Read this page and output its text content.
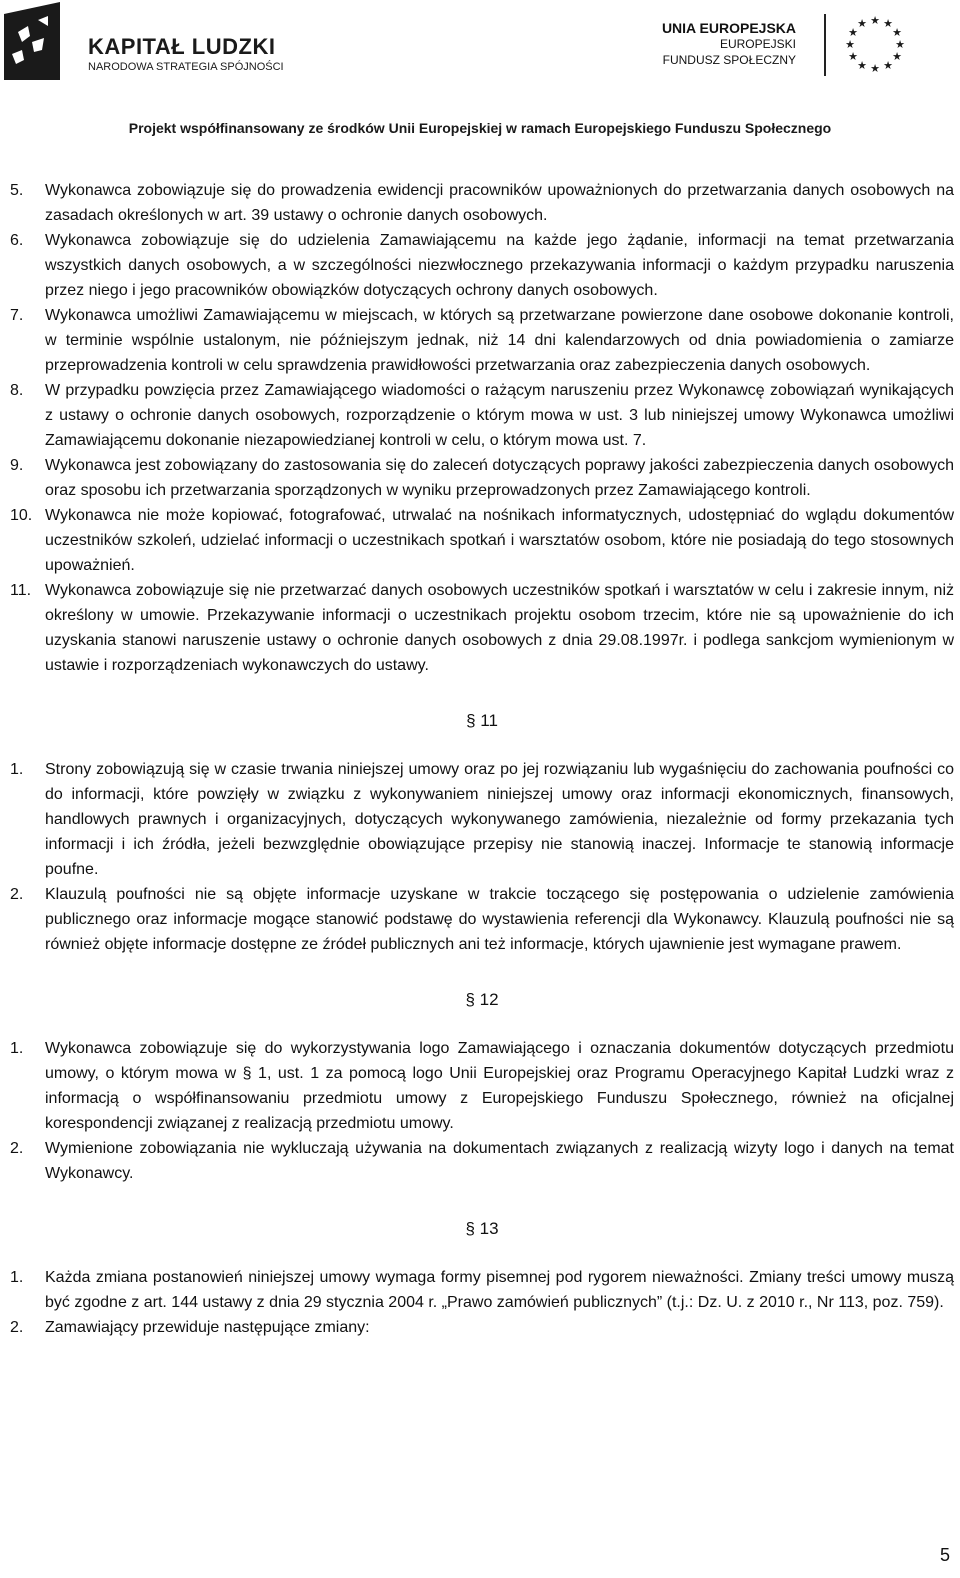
KAPITAŁ LUDZKI
NARODOWA STRATEGIA SPÓJNOŚCI
UNIA EUROPEJSKA
EUROPEJSKI
FUNDUSZ SPOŁECZNY
★ ★
★
★
★
★
★
★
★
★
★
★
Projekt współfinansowany ze środków Unii Europejskiej w ramach Europejskiego Funduszu Społecznego
5. Wykonawca zobowiązuje się do prowadzenia ewidencji pracowników upoważnionych do przetwarzania danych osobowych na zasadach określonych w art. 39 ustawy o ochronie danych osobowych.
6. Wykonawca zobowiązuje się do udzielenia Zamawiającemu na każde jego żądanie, informacji na temat przetwarzania wszystkich danych osobowych, a w szczególności niezwłocznego przekazywania informacji o każdym przypadku naruszenia przez niego i jego pracowników obowiązków dotyczących ochrony danych osobowych.
7. Wykonawca umożliwi Zamawiającemu w miejscach, w których są przetwarzane powierzone dane osobowe dokonanie kontroli, w terminie wspólnie ustalonym, nie późniejszym jednak, niż 14 dni kalendarzowych od dnia powiadomienia o zamiarze przeprowadzenia kontroli w celu sprawdzenia prawidłowości przetwarzania oraz zabezpieczenia danych osobowych.
8. W przypadku powzięcia przez Zamawiającego wiadomości o rażącym naruszeniu przez Wykonawcę zobowiązań wynikających z ustawy o ochronie danych osobowych, rozporządzenie o którym mowa w ust. 3 lub niniejszej umowy Wykonawca umożliwi Zamawiającemu dokonanie niezapowiedzianej kontroli w celu, o którym mowa ust. 7.
9. Wykonawca jest zobowiązany do zastosowania się do zaleceń dotyczących poprawy jakości zabezpieczenia danych osobowych oraz sposobu ich przetwarzania sporządzonych w wyniku przeprowadzonych przez Zamawiającego kontroli.
10. Wykonawca nie może kopiować, fotografować, utrwalać na nośnikach informatycznych, udostępniać do wglądu dokumentów uczestników szkoleń, udzielać informacji o uczestnikach spotkań i warsztatów osobom, które nie posiadają do tego stosownych upoważnień.
11. Wykonawca zobowiązuje się nie przetwarzać danych osobowych uczestników spotkań i warsztatów w celu i zakresie innym, niż określony w umowie. Przekazywanie informacji o uczestnikach projektu osobom trzecim, które nie są upoważnienie do ich uzyskania stanowi naruszenie ustawy o ochronie danych osobowych z dnia 29.08.1997r. i podlega sankcjom wymienionym w ustawie i rozporządzeniach wykonawczych do ustawy.
§ 11
1. Strony zobowiązują się w czasie trwania niniejszej umowy oraz po jej rozwiązaniu lub wygaśnięciu do zachowania poufności co do informacji, które powzięły w związku z wykonywaniem niniejszej umowy oraz informacji ekonomicznych, finansowych, handlowych prawnych i organizacyjnych, dotyczących wykonywanego zamówienia, niezależnie od formy przekazania tych informacji i ich źródła, jeżeli bezwzględnie obowiązujące przepisy nie stanowią inaczej. Informacje te stanowią informacje poufne.
2. Klauzulą poufności nie są objęte informacje uzyskane w trakcie toczącego się postępowania o udzielenie zamówienia publicznego oraz informacje mogące stanowić podstawę do wystawienia referencji dla Wykonawcy. Klauzulą poufności nie są również objęte informacje dostępne ze źródeł publicznych ani też informacje, których ujawnienie jest wymagane prawem.
§ 12
1. Wykonawca zobowiązuje się do wykorzystywania logo Zamawiającego i oznaczania dokumentów dotyczących przedmiotu umowy, o którym mowa w § 1, ust. 1 za pomocą logo Unii Europejskiej oraz Programu Operacyjnego Kapitał Ludzki wraz z informacją o współfinansowaniu przedmiotu umowy z Europejskiego Funduszu Społecznego, również na oficjalnej korespondencji związanej z realizacją przedmiotu umowy.
2. Wymienione zobowiązania nie wykluczają używania na dokumentach związanych z realizacją wizyty logo i danych na temat Wykonawcy.
§ 13
1. Każda zmiana postanowień niniejszej umowy wymaga formy pisemnej pod rygorem nieważności. Zmiany treści umowy muszą być zgodne z art. 144 ustawy z dnia 29 stycznia 2004 r. „Prawo zamówień publicznych” (t.j.: Dz. U. z 2010 r., Nr 113, poz. 759).
2. Zamawiający przewiduje następujące zmiany:
5
